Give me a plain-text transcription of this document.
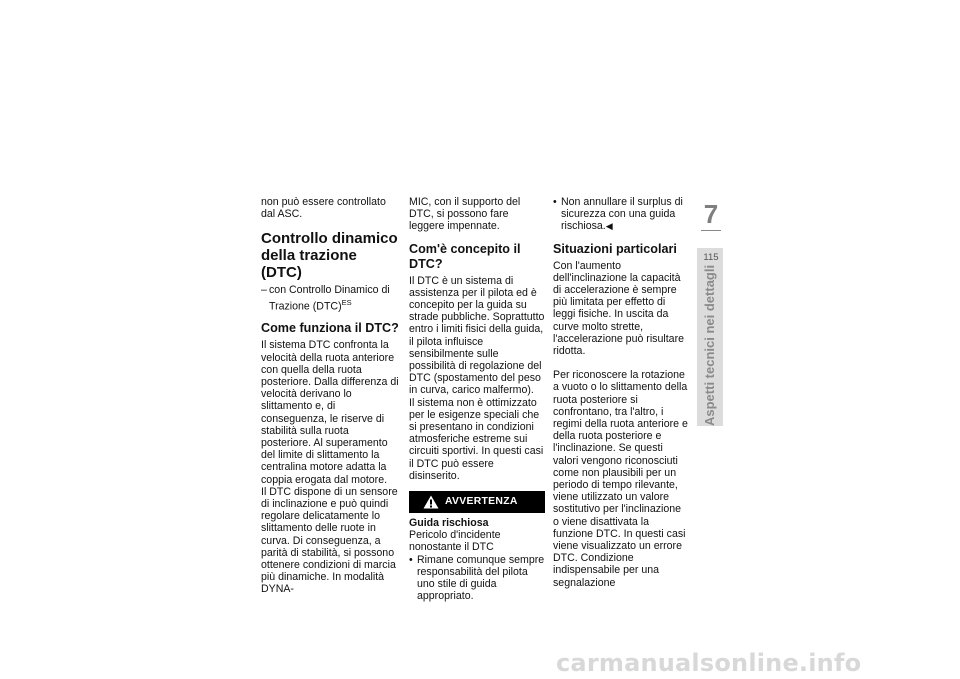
non può essere controllato dal ASC.

Controllo dinamico della trazione (DTC)
– con Controllo Dinamico di Trazione (DTC)$^{ES}$
Come funziona il DTC?

Il sistema DTC confronta la velocità della ruota anteriore con quella della ruota posteriore. Dalla differenza di velocità derivano lo slittamento e, di conseguenza, le riserve di stabilità sulla ruota posteriore. Al superamento del limite di slittamento la centralina motore adatta la coppia erogata dal motore.

Il DTC dispone di un sensore di inclinazione e può quindi regolare delicatamente lo slittamento delle ruote in curva. Di conseguenza, a parità di stabilità, si possono ottenere condizioni di marcia più dinamiche. In modalità DYNA-

MIC, con il supporto del DTC, si possono fare leggere impennate.

Com'è concepito il DTC?

Il DTC è un sistema di assistenza per il pilota ed è concepito per la guida su strade pubbliche. Soprattutto entro i limiti fisici della guida, il pilota influisce sensibilmente sulle possibilità di regolazione del DTC (spostamento del peso in curva, carico malfermo).

Il sistema non è ottimizzato per le esigenze speciali che si presentano in condizioni atmosferiche estreme sui circuiti sportivi. In questi casi il DTC può essere disinserito.

AVVERTENZA

Guida rischiosa

Pericolo d'incidente nonostante il DTC

• Rimane comunque sempre responsabilità del pilota uno stile di guida appropriato.
• Non annullare il surplus di sicurezza con una guida rischiosa.◀
Situazioni particolari

Con l'aumento dell'inclinazione la capacità di accelerazione è sempre più limitata per effetto di leggi fisiche. In uscita da curve molto strette, l'accelerazione può risultare ridotta.

Per riconoscere la rotazione a vuoto o lo slittamento della ruota posteriore si confrontano, tra l'altro, i regimi della ruota anteriore e della ruota posteriore e l'inclinazione. Se questi valori vengono riconosciuti come non plausibili per un periodo di tempo rilevante, viene utilizzato un valore sostitutivo per l'inclinazione o viene disattivata la funzione DTC. In questi casi viene visualizzato un errore DTC. Condizione indispensabile per una segnalazione

7
115
Aspetti tecnici nei dettagli
carmanualsonline.info
